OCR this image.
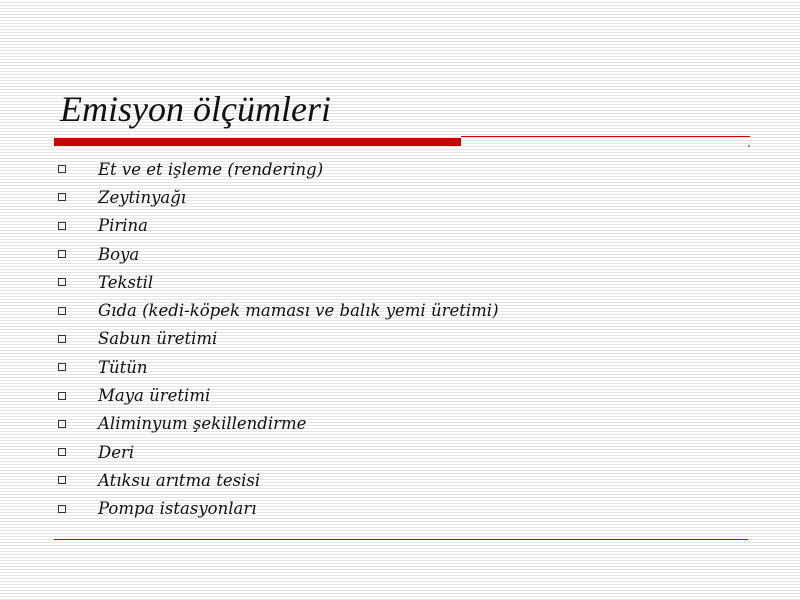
Emisyon ölçümleri
Et ve et işleme (rendering)
Zeytinyağı
Pirina
Boya
Tekstil
Gıda (kedi-köpek maması ve balık yemi üretimi)
Sabun üretimi
Tütün
Maya üretimi
Aliminyum şekillendirme
Deri
Atıksu arıtma tesisi
Pompa istasyonları
